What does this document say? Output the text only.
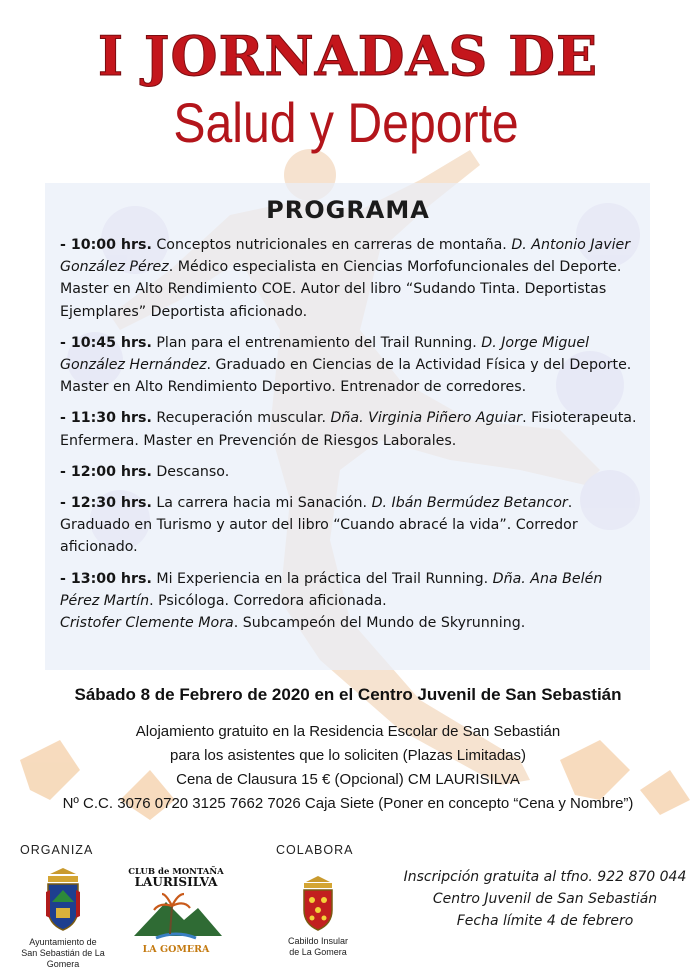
I JORNADAS DE
Salud y Deporte
PROGRAMA
- 10:00 hrs. Conceptos nutricionales en carreras de montaña. D. Antonio Javier González Pérez. Médico especialista en Ciencias Morfofuncionales del Deporte. Master en Alto Rendimiento COE. Autor del libro “Sudando Tinta. Deportistas Ejemplares” Deportista aficionado.
- 10:45 hrs. Plan para el entrenamiento del Trail Running. D. Jorge Miguel González Hernández. Graduado en Ciencias de la Actividad Física y del Deporte. Master en Alto Rendimiento Deportivo. Entrenador de corredores.
- 11:30 hrs. Recuperación muscular. Dña. Virginia Piñero Aguiar. Fisioterapeuta. Enfermera. Master en Prevención de Riesgos Laborales.
- 12:00 hrs. Descanso.
- 12:30 hrs. La carrera hacia mi Sanación. D. Ibán Bermúdez Betancor. Graduado en Turismo y autor del libro “Cuando abracé la vida”. Corredor aficionado.
- 13:00 hrs. Mi Experiencia en la práctica del Trail Running. Dña. Ana Belén Pérez Martín. Psicóloga. Corredora aficionada.
Cristofer Clemente Mora. Subcampeón del Mundo de Skyrunning.
Sábado 8 de Febrero de 2020 en el Centro Juvenil de San Sebastián
Alojamiento gratuito en la Residencia Escolar de San Sebastián
para los asistentes que lo soliciten (Plazas Limitadas)
Cena de Clausura 15 € (Opcional) CM LAURISILVA
Nº C.C. 3076 0720 3125 7662 7026 Caja Siete (Poner en concepto “Cena y Nombre”)
ORGANIZA	COLABORA
Ayuntamiento de
San Sebastián de La Gomera
CLUB de MONTAÑA
LAURISILVA
LA GOMERA
Cabildo Insular
de La Gomera
Inscripción gratuita al tfno. 922 870 044
Centro Juvenil de San Sebastián
Fecha límite 4 de febrero
